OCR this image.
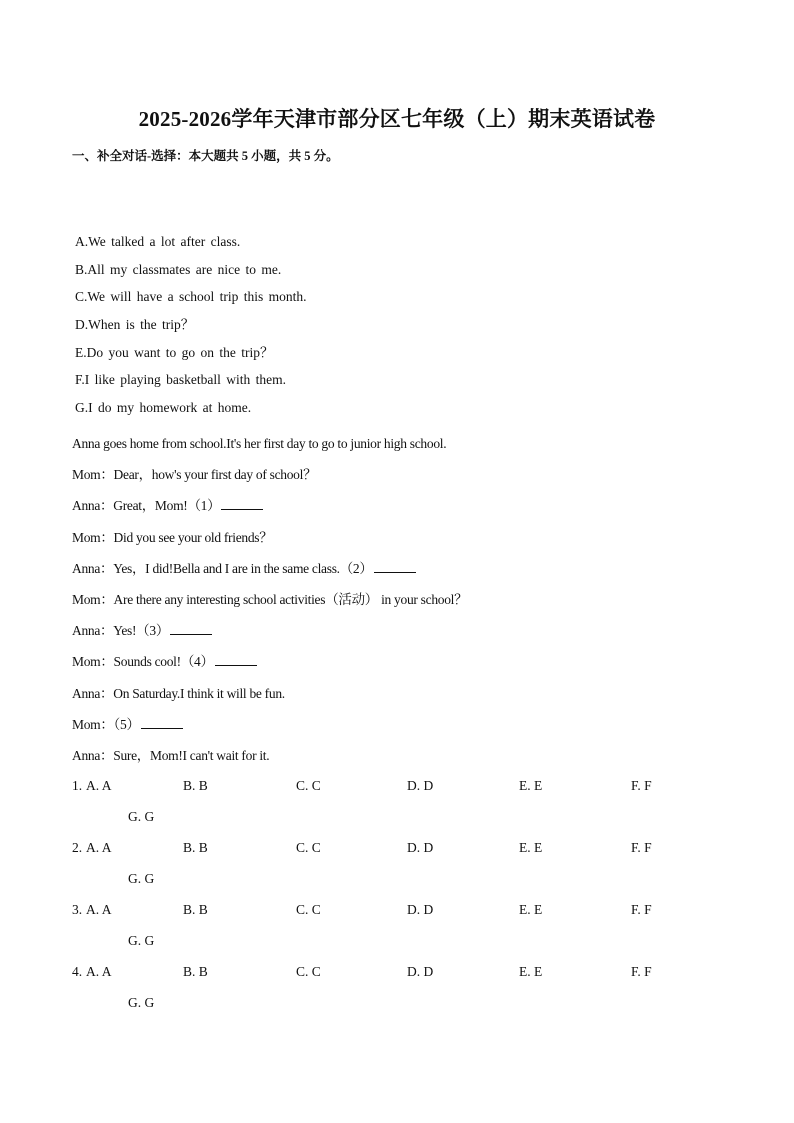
2025-2026学年天津市部分区七年级（上）期末英语试卷
一、补全对话-选择：本大题共 5 小题，共 5 分。
A.We talked a lot after class.
B.All my classmates are nice to me.
C.We will have a school trip this month.
D.When is the trip？
E.Do you want to go on the trip？
F.I like playing basketball with them.
G.I do my homework at home.
Anna goes home from school.It's her first day to go to junior high school.
Mom：Dear，how's your first day of school？
Anna：Great，Mom!（1）
Mom：Did you see your old friends？
Anna：Yes，I did!Bella and I are in the same class.（2）
Mom：Are there any interesting school activities（活动） in your school？
Anna：Yes!（3）
Mom：Sounds cool!（4）
Anna：On Saturday.I think it will be fun.
Mom：（5）
Anna：Sure，Mom!I can't wait for it.
1. A. A	B. B	C. C	D. D	E. E	F. F
G. G
2. A. A	B. B	C. C	D. D	E. E	F. F
G. G
3. A. A	B. B	C. C	D. D	E. E	F. F
G. G
4. A. A	B. B	C. C	D. D	E. E	F. F
G. G
